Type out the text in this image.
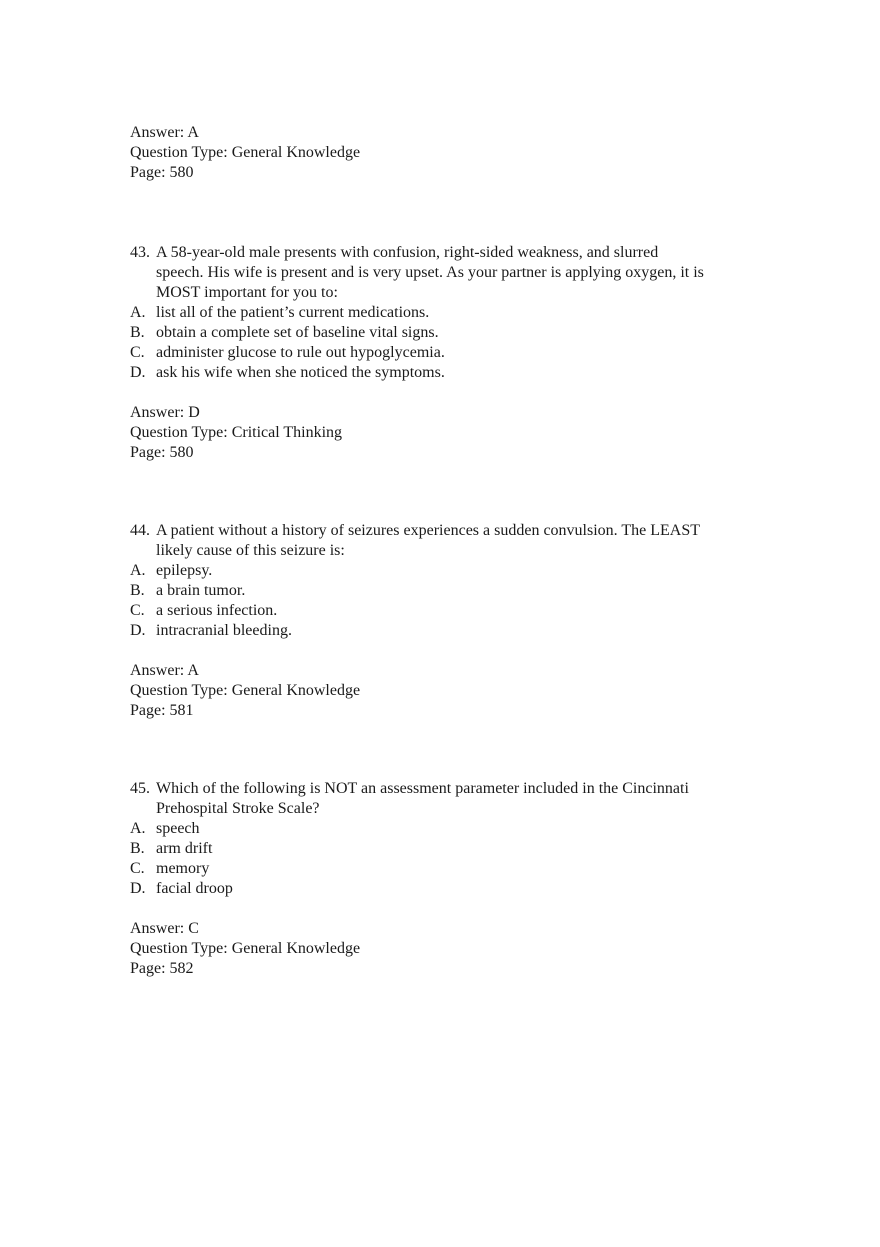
Answer: A
Question Type: General Knowledge
Page: 580
43. A 58-year-old male presents with confusion, right-sided weakness, and slurred
speech. His wife is present and is very upset. As your partner is applying oxygen, it is
MOST important for you to:
A. list all of the patient’s current medications.
B. obtain a complete set of baseline vital signs.
C. administer glucose to rule out hypoglycemia.
D. ask his wife when she noticed the symptoms.
Answer: D
Question Type: Critical Thinking
Page: 580
44. A patient without a history of seizures experiences a sudden convulsion. The LEAST
likely cause of this seizure is:
A. epilepsy.
B. a brain tumor.
C. a serious infection.
D. intracranial bleeding.
Answer: A
Question Type: General Knowledge
Page: 581
45. Which of the following is NOT an assessment parameter included in the Cincinnati
Prehospital Stroke Scale?
A. speech
B. arm drift
C. memory
D. facial droop
Answer: C
Question Type: General Knowledge
Page: 582
